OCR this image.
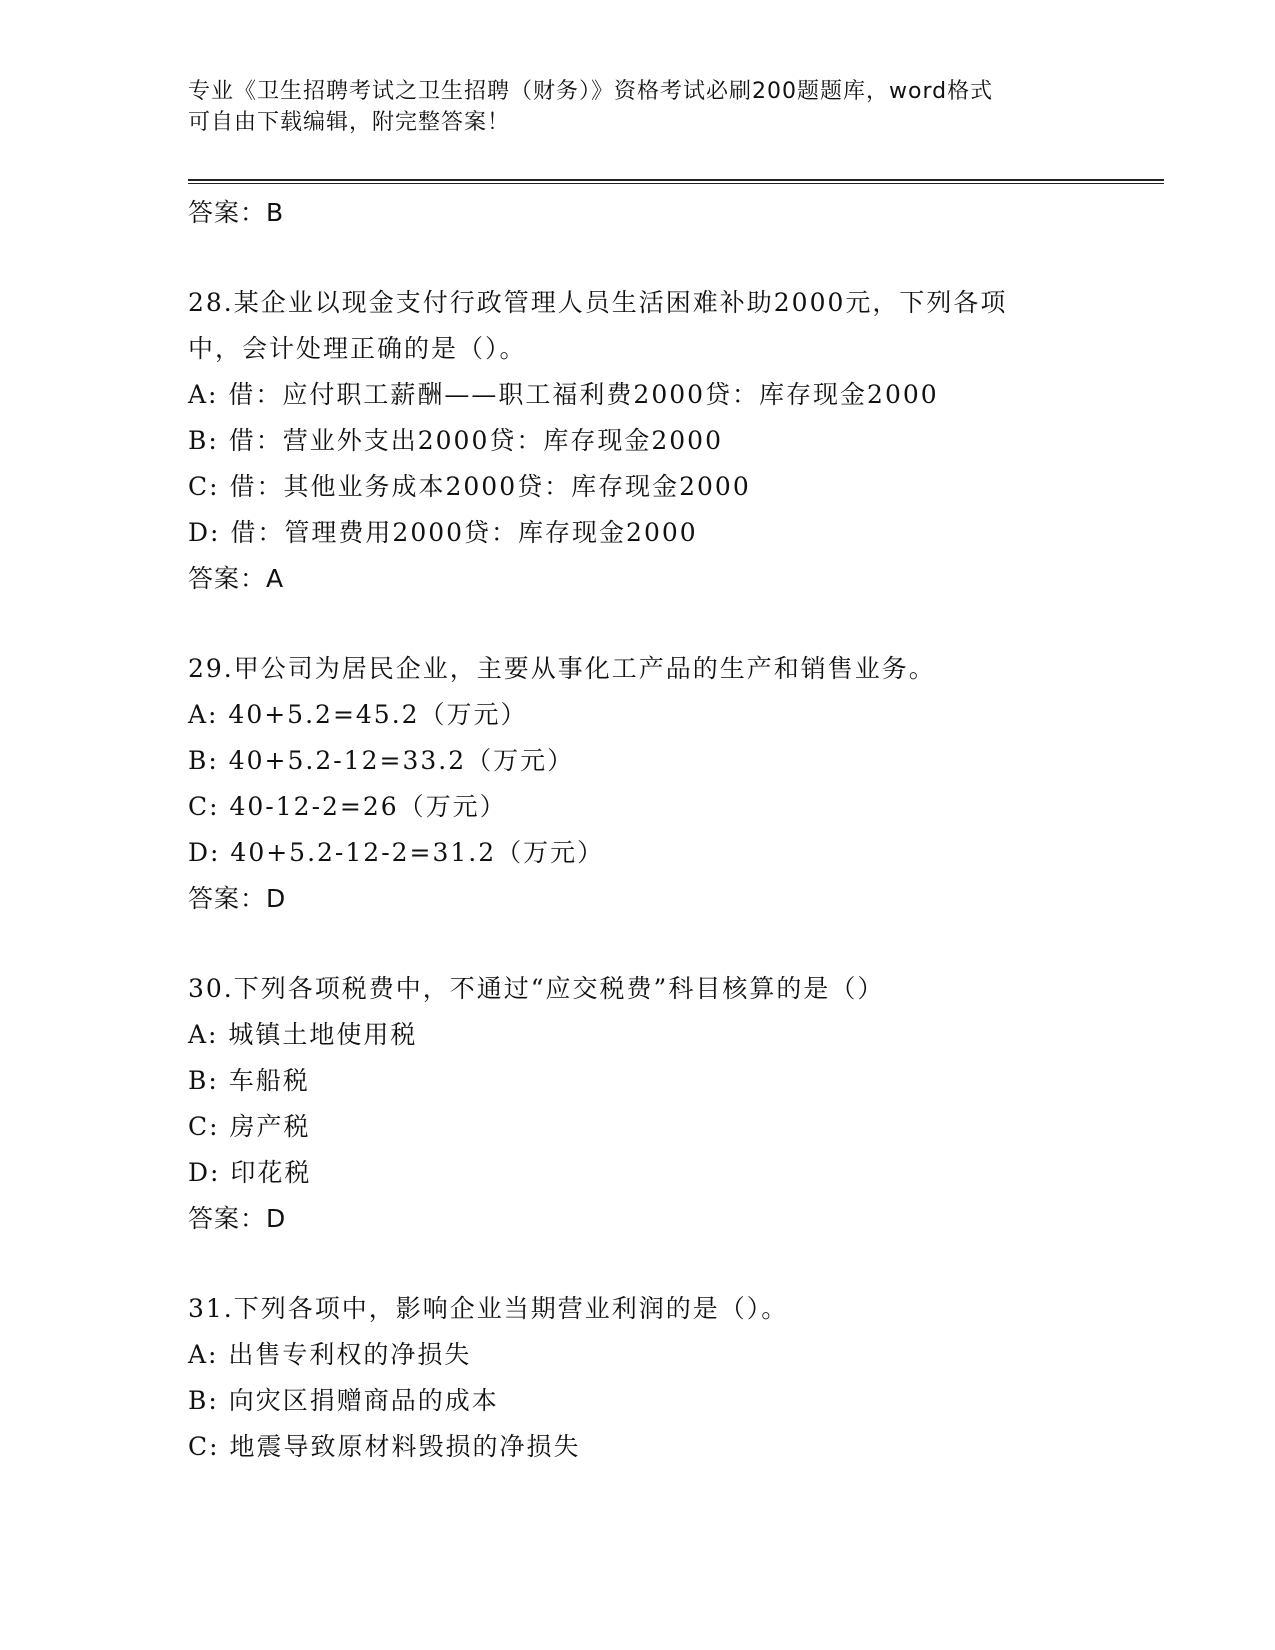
专业《卫生招聘考试之卫生招聘（财务）》资格考试必刷200题题库，word格式
可自由下载编辑，附完整答案！
答案：B
28.某企业以现金支付行政管理人员生活困难补助2000元，下列各项中，会计处理正确的是（）。
A: 借：应付职工薪酬——职工福利费2000贷：库存现金2000
B: 借：营业外支出2000贷：库存现金2000
C: 借：其他业务成本2000贷：库存现金2000
D: 借：管理费用2000贷：库存现金2000
答案：A
29.甲公司为居民企业，主要从事化工产品的生产和销售业务。
A: 40+5.2=45.2（万元）
B: 40+5.2-12=33.2（万元）
C: 40-12-2=26（万元）
D: 40+5.2-12-2=31.2（万元）
答案：D
30.下列各项税费中，不通过“应交税费”科目核算的是（）
A: 城镇土地使用税
B: 车船税
C: 房产税
D: 印花税
答案：D
31.下列各项中，影响企业当期营业利润的是（）。
A: 出售专利权的净损失
B: 向灾区捐赠商品的成本
C: 地震导致原材料毁损的净损失
